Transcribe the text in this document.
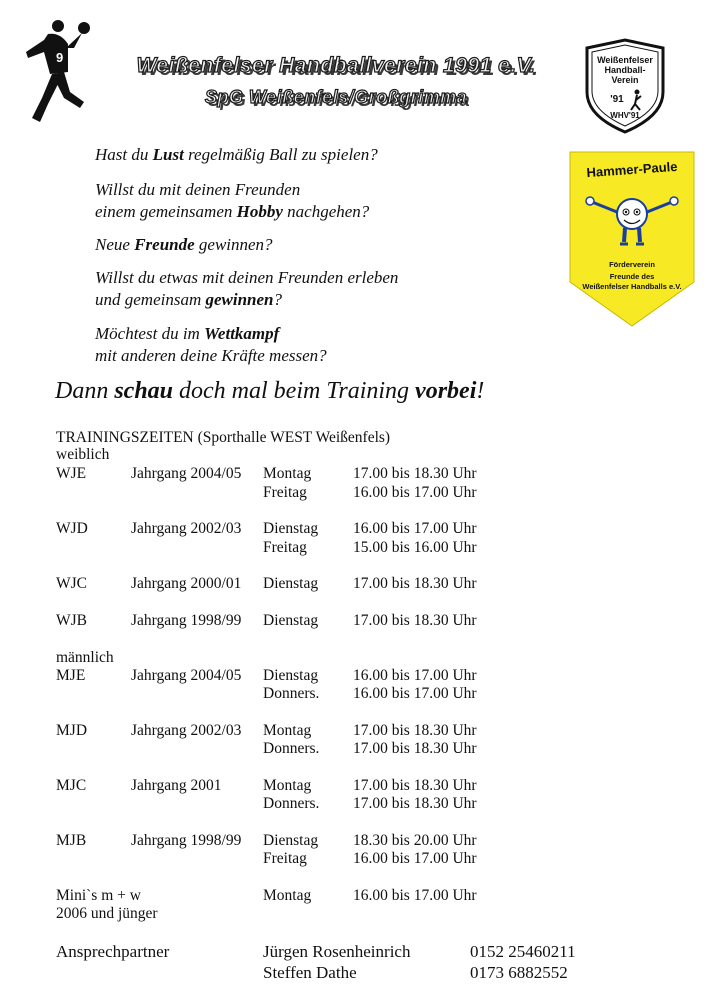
9	Weißenfelser Handballverein 1991 e.V.
SpG Weißenfels/Großgrimma
Weißenfelser
Handball-
Verein
'91
WHV'91
Hammer-Paule
Förderverein
Freunde des
Weißenfelser Handballs e.V.
Hast du Lust regelmäßig Ball zu spielen?
Willst du mit deinen Freunden
einem gemeinsamen Hobby nachgehen?
Neue Freunde gewinnen?
Willst du etwas mit deinen Freunden erleben
und gemeinsam gewinnen?
Möchtest du im Wettkampf
mit anderen deine Kräfte messen?
Dann schau doch mal beim Training vorbei!
TRAININGSZEITEN (Sporthalle WEST Weißenfels)
weiblich
WJE	Jahrgang 2004/05 Montag	17.00 bis 18.30 Uhr
Freitag	16.00 bis 17.00 Uhr
WJD	Jahrgang 2002/03 Dienstag 16.00 bis 17.00 Uhr
Freitag	15.00 bis 16.00 Uhr
WJC	Jahrgang 2000/01 Dienstag 17.00 bis 18.30 Uhr
WJB	Jahrgang 1998/99 Dienstag 17.00 bis 18.30 Uhr
männlich
MJE	Jahrgang 2004/05 Dienstag 16.00 bis 17.00 Uhr
Donners. 16.00 bis 17.00 Uhr
MJD	Jahrgang 2002/03 Montag	17.00 bis 18.30 Uhr
Donners. 17.00 bis 18.30 Uhr
MJC	Jahrgang 2001	Montag	17.00 bis 18.30 Uhr
Donners. 17.00 bis 18.30 Uhr
MJB	Jahrgang 1998/99 Dienstag 18.30 bis 20.00 Uhr
Freitag	16.00 bis 17.00 Uhr
Mini`s m + w	Montag	16.00 bis 17.00 Uhr
2006 und jünger
Ansprechpartner	Jürgen Rosenheinrich	0152 25460211
Steffen Dathe	0173 6882552
